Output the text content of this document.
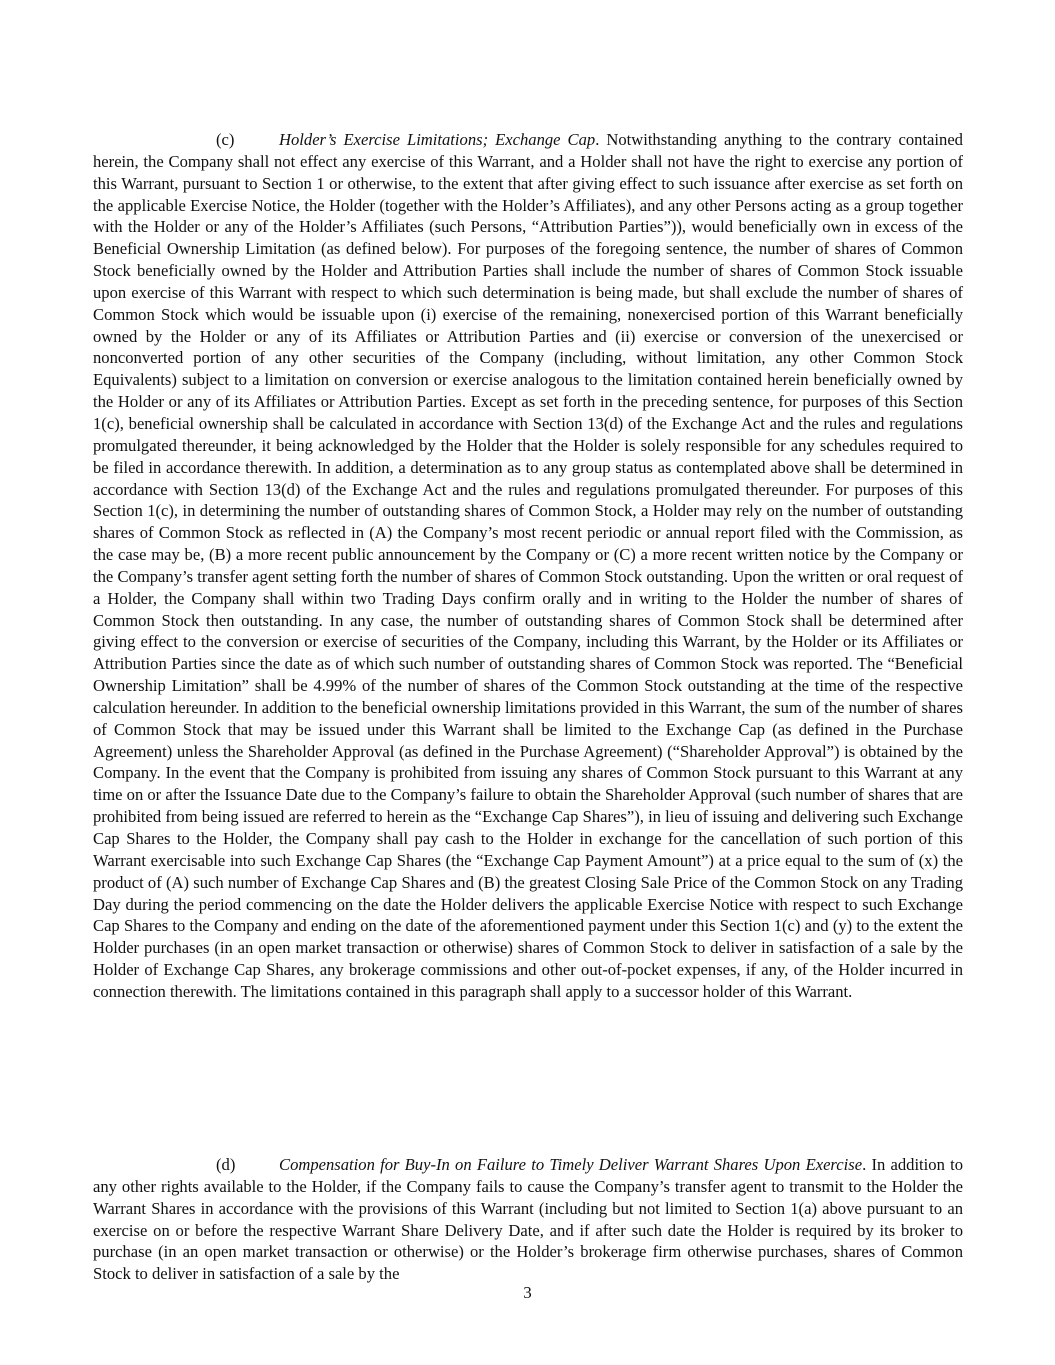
(c)	Holder’s Exercise Limitations; Exchange Cap. Notwithstanding anything to the contrary contained herein, the Company shall not effect any exercise of this Warrant, and a Holder shall not have the right to exercise any portion of this Warrant, pursuant to Section 1 or otherwise, to the extent that after giving effect to such issuance after exercise as set forth on the applicable Exercise Notice, the Holder (together with the Holder’s Affiliates), and any other Persons acting as a group together with the Holder or any of the Holder’s Affiliates (such Persons, “Attribution Parties”)), would beneficially own in excess of the Beneficial Ownership Limitation (as defined below). For purposes of the foregoing sentence, the number of shares of Common Stock beneficially owned by the Holder and Attribution Parties shall include the number of shares of Common Stock issuable upon exercise of this Warrant with respect to which such determination is being made, but shall exclude the number of shares of Common Stock which would be issuable upon (i) exercise of the remaining, nonexercised portion of this Warrant beneficially owned by the Holder or any of its Affiliates or Attribution Parties and (ii) exercise or conversion of the unexercised or nonconverted portion of any other securities of the Company (including, without limitation, any other Common Stock Equivalents) subject to a limitation on conversion or exercise analogous to the limitation contained herein beneficially owned by the Holder or any of its Affiliates or Attribution Parties. Except as set forth in the preceding sentence, for purposes of this Section 1(c), beneficial ownership shall be calculated in accordance with Section 13(d) of the Exchange Act and the rules and regulations promulgated thereunder, it being acknowledged by the Holder that the Holder is solely responsible for any schedules required to be filed in accordance therewith. In addition, a determination as to any group status as contemplated above shall be determined in accordance with Section 13(d) of the Exchange Act and the rules and regulations promulgated thereunder. For purposes of this Section 1(c), in determining the number of outstanding shares of Common Stock, a Holder may rely on the number of outstanding shares of Common Stock as reflected in (A) the Company’s most recent periodic or annual report filed with the Commission, as the case may be, (B) a more recent public announcement by the Company or (C) a more recent written notice by the Company or the Company’s transfer agent setting forth the number of shares of Common Stock outstanding. Upon the written or oral request of a Holder, the Company shall within two Trading Days confirm orally and in writing to the Holder the number of shares of Common Stock then outstanding. In any case, the number of outstanding shares of Common Stock shall be determined after giving effect to the conversion or exercise of securities of the Company, including this Warrant, by the Holder or its Affiliates or Attribution Parties since the date as of which such number of outstanding shares of Common Stock was reported. The “Beneficial Ownership Limitation” shall be 4.99% of the number of shares of the Common Stock outstanding at the time of the respective calculation hereunder. In addition to the beneficial ownership limitations provided in this Warrant, the sum of the number of shares of Common Stock that may be issued under this Warrant shall be limited to the Exchange Cap (as defined in the Purchase Agreement) unless the Shareholder Approval (as defined in the Purchase Agreement) (“Shareholder Approval”) is obtained by the Company. In the event that the Company is prohibited from issuing any shares of Common Stock pursuant to this Warrant at any time on or after the Issuance Date due to the Company’s failure to obtain the Shareholder Approval (such number of shares that are prohibited from being issued are referred to herein as the “Exchange Cap Shares”), in lieu of issuing and delivering such Exchange Cap Shares to the Holder, the Company shall pay cash to the Holder in exchange for the cancellation of such portion of this Warrant exercisable into such Exchange Cap Shares (the “Exchange Cap Payment Amount”) at a price equal to the sum of (x) the product of (A) such number of Exchange Cap Shares and (B) the greatest Closing Sale Price of the Common Stock on any Trading Day during the period commencing on the date the Holder delivers the applicable Exercise Notice with respect to such Exchange Cap Shares to the Company and ending on the date of the aforementioned payment under this Section 1(c) and (y) to the extent the Holder purchases (in an open market transaction or otherwise) shares of Common Stock to deliver in satisfaction of a sale by the Holder of Exchange Cap Shares, any brokerage commissions and other out-of-pocket expenses, if any, of the Holder incurred in connection therewith. The limitations contained in this paragraph shall apply to a successor holder of this Warrant.

(d)	Compensation for Buy-In on Failure to Timely Deliver Warrant Shares Upon Exercise. In addition to any other rights available to the Holder, if the Company fails to cause the Company’s transfer agent to transmit to the Holder the Warrant Shares in accordance with the provisions of this Warrant (including but not limited to Section 1(a) above pursuant to an exercise on or before the respective Warrant Share Delivery Date, and if after such date the Holder is required by its broker to purchase (in an open market transaction or otherwise) or the Holder’s brokerage firm otherwise purchases, shares of Common Stock to deliver in satisfaction of a sale by the

3
